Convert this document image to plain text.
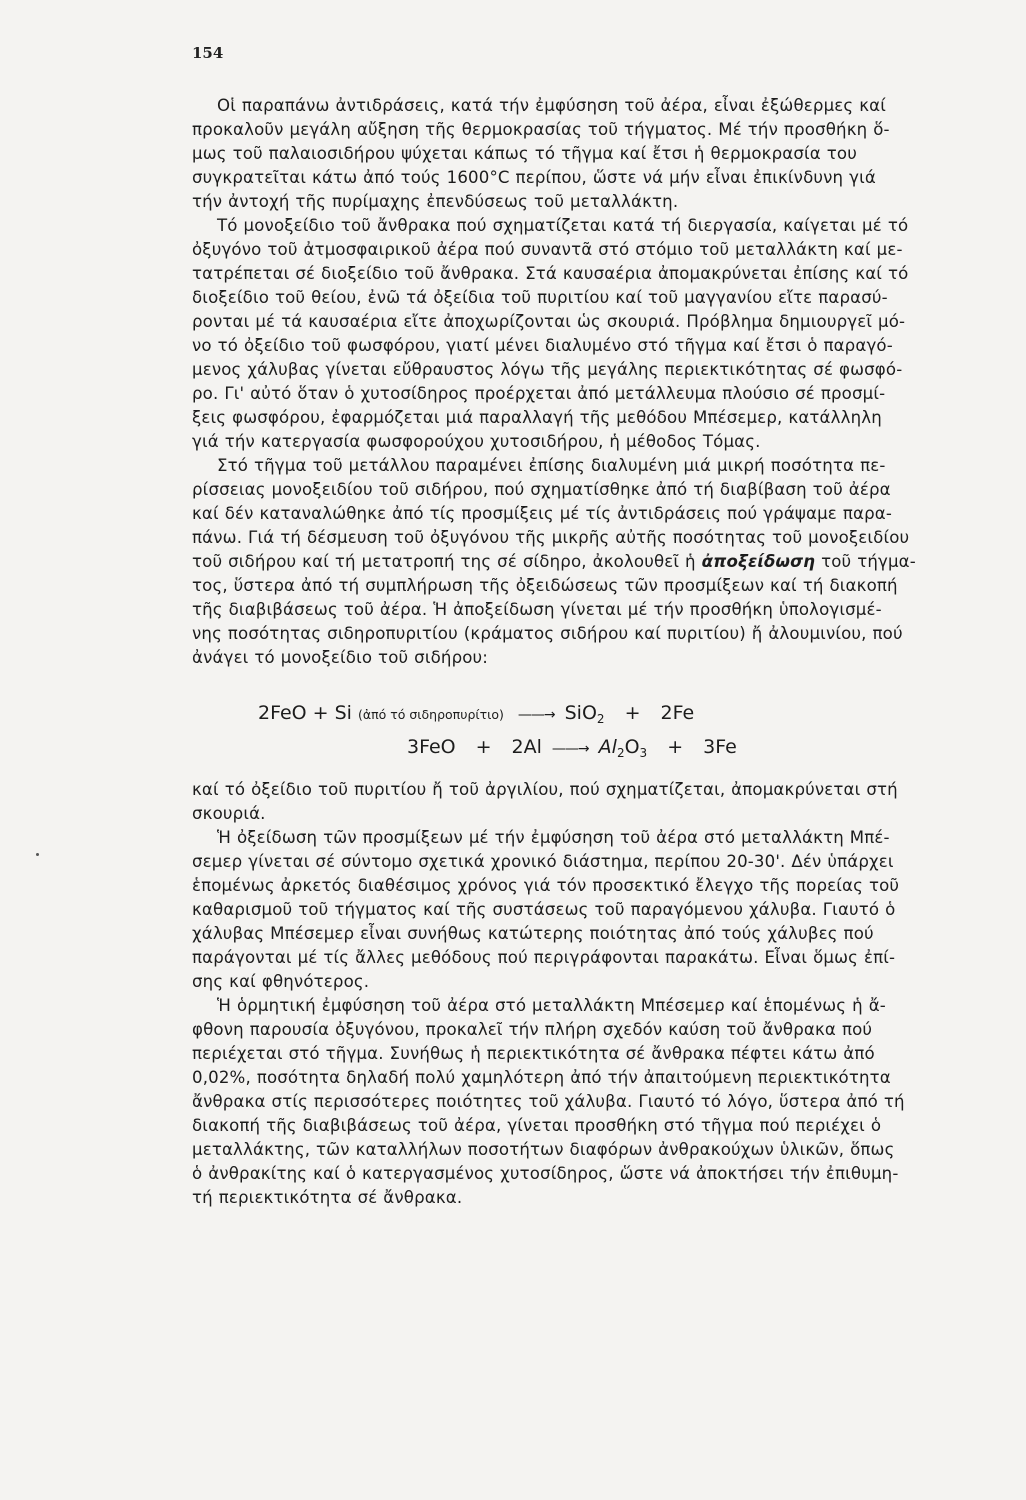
154

Οἱ παραπάνω ἀντιδράσεις, κατά τήν ἐμφύσηση τοῦ ἀέρα, εἶναι ἐξώθερμες καί
προκαλοῦν μεγάλη αὔξηση τῆς θερμοκρασίας τοῦ τήγματος. Μέ τήν προσθήκη ὅ-
μως τοῦ παλαιοσιδήρου ψύχεται κάπως τό τῆγμα καί ἔτσι ἡ θερμοκρασία του
συγκρατεῖται κάτω ἀπό τούς 1600°C περίπου, ὥστε νά μήν εἶναι ἐπικίνδυνη γιά
τήν ἀντοχή τῆς πυρίμαχης ἐπενδύσεως τοῦ μεταλλάκτη.

Τό μονοξείδιο τοῦ ἄνθρακα πού σχηματίζεται κατά τή διεργασία, καίγεται μέ τό
ὀξυγόνο τοῦ ἀτμοσφαιρικοῦ ἀέρα πού συναντᾶ στό στόμιο τοῦ μεταλλάκτη καί με-
τατρέπεται σέ διοξείδιο τοῦ ἄνθρακα. Στά καυσαέρια ἀπομακρύνεται ἐπίσης καί τό
διοξείδιο τοῦ θείου, ἐνῶ τά ὀξείδια τοῦ πυριτίου καί τοῦ μαγγανίου εἴτε παρασύ-
ρονται μέ τά καυσαέρια εἴτε ἀποχωρίζονται ὡς σκουριά. Πρόβλημα δημιουργεῖ μό-
νο τό ὀξείδιο τοῦ φωσφόρου, γιατί μένει διαλυμένο στό τῆγμα καί ἔτσι ὁ παραγό-
μενος χάλυβας γίνεται εὔθραυστος λόγω τῆς μεγάλης περιεκτικότητας σέ φωσφό-
ρο. Γι' αὐτό ὅταν ὁ χυτοσίδηρος προέρχεται ἀπό μετάλλευμα πλούσιο σέ προσμί-
ξεις φωσφόρου, ἐφαρμόζεται μιά παραλλαγή τῆς μεθόδου Μπέσεμερ, κατάλληλη
γιά τήν κατεργασία φωσφορούχου χυτοσιδήρου, ἡ μέθοδος Τόμας.

Στό τῆγμα τοῦ μετάλλου παραμένει ἐπίσης διαλυμένη μιά μικρή ποσότητα πε-
ρίσσειας μονοξειδίου τοῦ σιδήρου, πού σχηματίσθηκε ἀπό τή διαβίβαση τοῦ ἀέρα
καί δέν καταναλώθηκε ἀπό τίς προσμίξεις μέ τίς ἀντιδράσεις πού γράψαμε παρα-
πάνω. Γιά τή δέσμευση τοῦ ὀξυγόνου τῆς μικρῆς αὐτῆς ποσότητας τοῦ μονοξειδίου
τοῦ σιδήρου καί τή μετατροπή της σέ σίδηρο, ἀκολουθεῖ ἡ ἀποξείδωση τοῦ τήγμα-
τος, ὕστερα ἀπό τή συμπλήρωση τῆς ὀξειδώσεως τῶν προσμίξεων καί τή διακοπή
τῆς διαβιβάσεως τοῦ ἀέρα. Ἡ ἀποξείδωση γίνεται μέ τήν προσθήκη ὑπολογισμέ-
νης ποσότητας σιδηροπυριτίου (κράματος σιδήρου καί πυριτίου) ἤ ἀλουμινίου, πού
ἀνάγει τό μονοξείδιο τοῦ σιδήρου:

2FeO + Si (ἀπό τό σιδηροπυρίτιο) ——→ SiO$_2$ + 2Fe
3FeO + 2Al ——→ $Al_2O_3 + 3Fe$

καί τό ὀξείδιο τοῦ πυριτίου ἤ τοῦ ἀργιλίου, πού σχηματίζεται, ἀπομακρύνεται στή
σκουριά.

Ἡ ὀξείδωση τῶν προσμίξεων μέ τήν ἐμφύσηση τοῦ ἀέρα στό μεταλλάκτη Μπέ-
σεμερ γίνεται σέ σύντομο σχετικά χρονικό διάστημα, περίπου 20-30'. Δέν ὑπάρχει
ἑπομένως ἀρκετός διαθέσιμος χρόνος γιά τόν προσεκτικό ἔλεγχο τῆς πορείας τοῦ
καθαρισμοῦ τοῦ τήγματος καί τῆς συστάσεως τοῦ παραγόμενου χάλυβα. Γιαυτό ὁ
χάλυβας Μπέσεμερ εἶναι συνήθως κατώτερης ποιότητας ἀπό τούς χάλυβες πού
παράγονται μέ τίς ἄλλες μεθόδους πού περιγράφονται παρακάτω. Εἶναι ὅμως ἐπί-
σης καί φθηνότερος.

Ἡ ὁρμητική ἐμφύσηση τοῦ ἀέρα στό μεταλλάκτη Μπέσεμερ καί ἑπομένως ἡ ἄ-
φθονη παρουσία ὀξυγόνου, προκαλεῖ τήν πλήρη σχεδόν καύση τοῦ ἄνθρακα πού
περιέχεται στό τῆγμα. Συνήθως ἡ περιεκτικότητα σέ ἄνθρακα πέφτει κάτω ἀπό
0,02%, ποσότητα δηλαδή πολύ χαμηλότερη ἀπό τήν ἀπαιτούμενη περιεκτικότητα
ἄνθρακα στίς περισσότερες ποιότητες τοῦ χάλυβα. Γιαυτό τό λόγο, ὕστερα ἀπό τή
διακοπή τῆς διαβιβάσεως τοῦ ἀέρα, γίνεται προσθήκη στό τῆγμα πού περιέχει ὁ
μεταλλάκτης, τῶν καταλλήλων ποσοτήτων διαφόρων ἀνθρακούχων ὑλικῶν, ὅπως
ὁ ἀνθρακίτης καί ὁ κατεργασμένος χυτοσίδηρος, ὥστε νά ἀποκτήσει τήν ἐπιθυμη-
τή περιεκτικότητα σέ ἄνθρακα.
